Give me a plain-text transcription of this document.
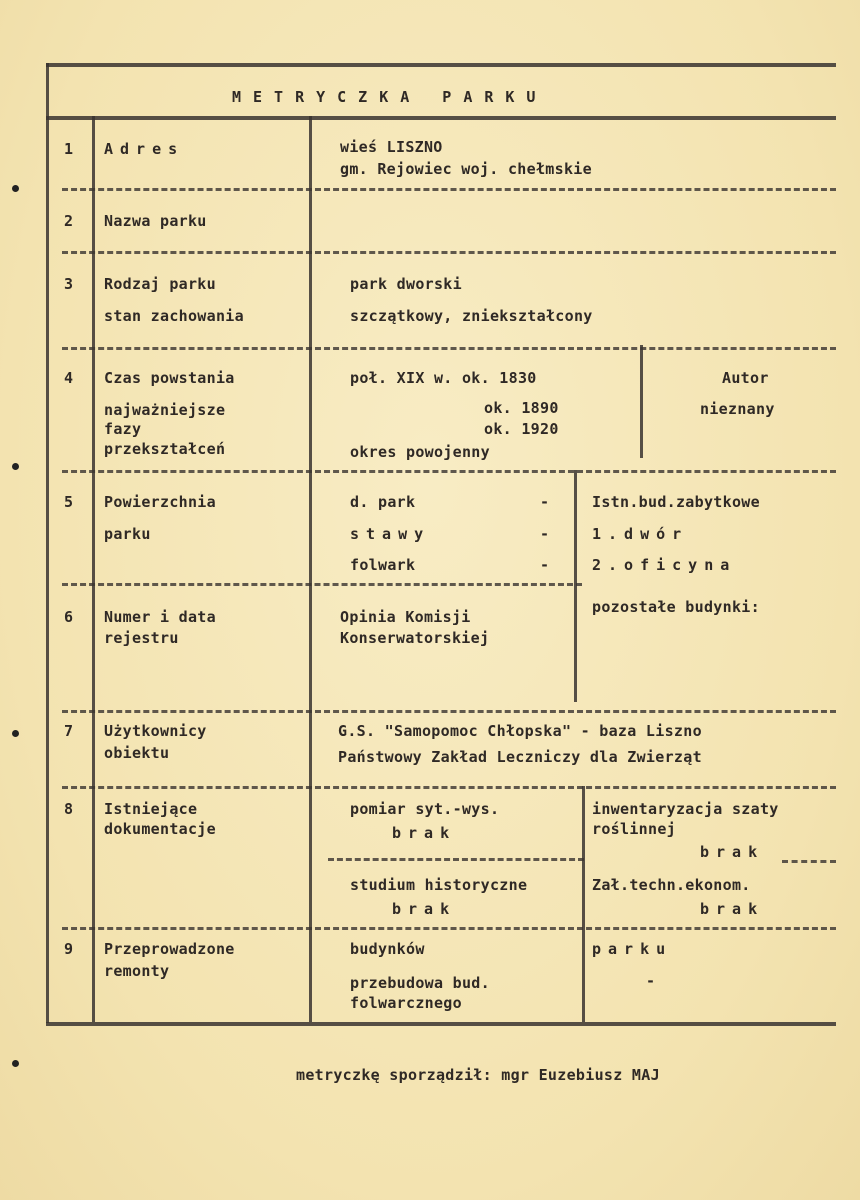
METRYCZKA PARKU
1 Adres	wieś LISZNO
gm. Rejowiec woj. chełmskie
2 Nazwa parku
3 Rodzaj parku
stan zachowania
park dworski
szczątkowy, zniekształcony
4 Czas powstania
najważniejsze
fazy
przekształceń
poł. XIX w. ok. 1830
ok. 1890
ok. 1920
okres powojenny
Autor
nieznany
5 Powierzchnia
parku
d. park
stawy
folwark
-
-
-
Istn.bud.zabytkowe
1.dwór
2.oficyna
pozostałe budynki:
6 Numer i data
rejestru
Opinia Komisji
Konserwatorskiej
7 Użytkownicy
obiektu
G.S. "Samopomoc Chłopska" - baza Liszno
Państwowy Zakład Leczniczy dla Zwierząt
8 Istniejące
dokumentacje
pomiar syt.-wys.
brak
studium historyczne
brak
inwentaryzacja szaty
roślinnej
brak
Zał.techn.ekonom.
brak
9 Przeprowadzone
remonty
budynków
przebudowa bud.
folwarcznego
parku
-
metryczkę sporządził: mgr Euzebiusz MAJ
